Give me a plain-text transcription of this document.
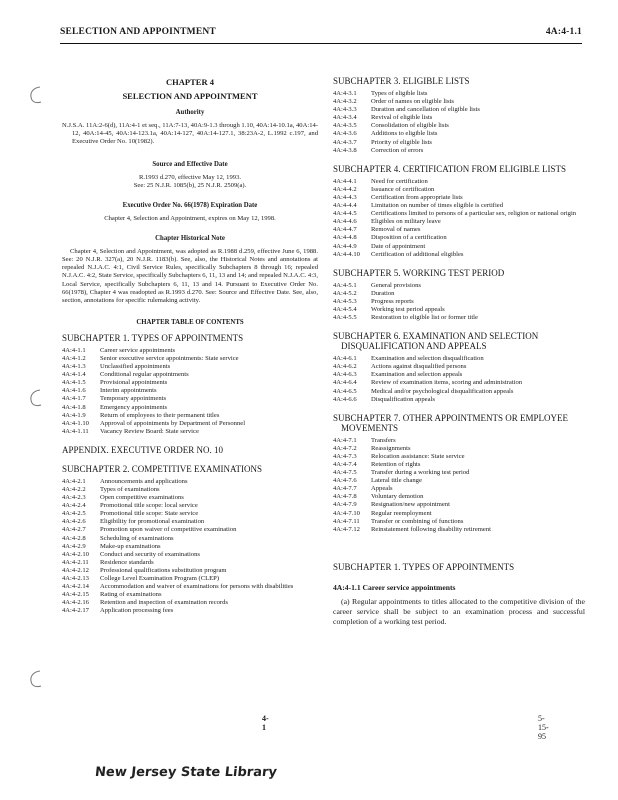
SELECTION AND APPOINTMENT	4A:4-1.1
CHAPTER 4
SELECTION AND APPOINTMENT
Authority

N.J.S.A. 11A:2-6(d), 11A:4-1 et seq., 11A:7-13, 40A:9-1.3 through 1.10, 40A:14-10.1a, 40A:14-12, 40A:14-45, 40A:14-123.1a, 40A:14-127, 40A:14-127.1, 38:23A-2, L.1992 c.197, and Executive Order No. 10(1982).

Source and Effective Date
R.1993 d.270, effective May 12, 1993.
See: 25 N.J.R. 1085(b), 25 N.J.R. 2509(a).
Executive Order No. 66(1978) Expiration Date
Chapter 4, Selection and Appointment, expires on May 12, 1998.
Chapter Historical Note

Chapter 4, Selection and Appointment, was adopted as R.1988 d.259, effective June 6, 1988. See: 20 N.J.R. 327(a), 20 N.J.R. 1183(b). See, also, the Historical Notes and annotations at repealed N.J.A.C. 4:1, Civil Service Rules, specifically Subchapters 8 through 16; repealed N.J.A.C. 4:2, State Service, specifically Subchapters 6, 11, 13 and 14; and repealed N.J.A.C. 4:3, Local Service, specifically Subchapters 6, 11, 13 and 14. Pursuant to Executive Order No. 66(1978), Chapter 4 was readopted as R.1993 d.270. See: Source and Effective Date. See, also, section, annotations for specific rulemaking activity.

CHAPTER TABLE OF CONTENTS
SUBCHAPTER 1. TYPES OF APPOINTMENTS
4A:4-1.1	Career service appointments
4A:4-1.2	Senior executive service appointments: State service
4A:4-1.3	Unclassified appointments
4A:4-1.4	Conditional regular appointments
4A:4-1.5	Provisional appointments
4A:4-1.6	Interim appointments
4A:4-1.7	Temporary appointments
4A:4-1.8	Emergency appointments
4A:4-1.9	Return of employees to their permanent titles
4A:4-1.10	Approval of appointments by Department of Personnel
4A:4-1.11	Vacancy Review Board: State service
APPENDIX. EXECUTIVE ORDER NO. 10
SUBCHAPTER 2. COMPETITIVE EXAMINATIONS
4A:4-2.1	Announcements and applications
4A:4-2.2	Types of examinations
4A:4-2.3	Open competitive examinations
4A:4-2.4	Promotional title scope: local service
4A:4-2.5	Promotional title scope: State service
4A:4-2.6	Eligibility for promotional examination
4A:4-2.7	Promotion upon waiver of competitive examination
4A:4-2.8	Scheduling of examinations
4A:4-2.9	Make-up examinations
4A:4-2.10	Conduct and security of examinations
4A:4-2.11	Residence standards
4A:4-2.12	Professional qualifications substitution program
4A:4-2.13	College Level Examination Program (CLEP)
4A:4-2.14	Accommodation and waiver of examinations for persons with disabilities
4A:4-2.15	Rating of examinations
4A:4-2.16	Retention and inspection of examination records
4A:4-2.17	Application processing fees
SUBCHAPTER 3. ELIGIBLE LISTS
4A:4-3.1	Types of eligible lists
4A:4-3.2	Order of names on eligible lists
4A:4-3.3	Duration and cancellation of eligible lists
4A:4-3.4	Revival of eligible lists
4A:4-3.5	Consolidation of eligible lists
4A:4-3.6	Additions to eligible lists
4A:4-3.7	Priority of eligible lists
4A:4-3.8	Correction of errors
SUBCHAPTER 4. CERTIFICATION FROM ELIGIBLE LISTS
4A:4-4.1	Need for certification
4A:4-4.2	Issuance of certification
4A:4-4.3	Certification from appropriate lists
4A:4-4.4	Limitation on number of times eligible is certified
4A:4-4.5	Certifications limited to persons of a particular sex, religion or national origin
4A:4-4.6	Eligibles on military leave
4A:4-4.7	Removal of names
4A:4-4.8	Disposition of a certification
4A:4-4.9	Date of appointment
4A:4-4.10	Certification of additional eligibles
SUBCHAPTER 5. WORKING TEST PERIOD
4A:4-5.1	General provisions
4A:4-5.2	Duration
4A:4-5.3	Progress reports
4A:4-5.4	Working test period appeals
4A:4-5.5	Restoration to eligible list or former title
SUBCHAPTER 6. EXAMINATION AND SELECTION DISQUALIFICATION AND APPEALS
4A:4-6.1	Examination and selection disqualification
4A:4-6.2	Actions against disqualified persons
4A:4-6.3	Examination and selection appeals
4A:4-6.4	Review of examination items, scoring and administration
4A:4-6.5	Medical and/or psychological disqualification appeals
4A:4-6.6	Disqualification appeals
SUBCHAPTER 7. OTHER APPOINTMENTS OR EMPLOYEE MOVEMENTS
4A:4-7.1	Transfers
4A:4-7.2	Reassignments
4A:4-7.3	Relocation assistance: State service
4A:4-7.4	Retention of rights
4A:4-7.5	Transfer during a working test period
4A:4-7.6	Lateral title change
4A:4-7.7	Appeals
4A:4-7.8	Voluntary demotion
4A:4-7.9	Resignation/new appointment
4A:4-7.10	Regular reemployment
4A:4-7.11	Transfer or combining of functions
4A:4-7.12	Reinstatement following disability retirement
SUBCHAPTER 1. TYPES OF APPOINTMENTS
4A:4-1.1 Career service appointments

(a) Regular appointments to titles allocated to the competitive division of the career service shall be subject to an examination process and successful completion of a working test period.

4-1
5-15-95
New Jersey State Library
